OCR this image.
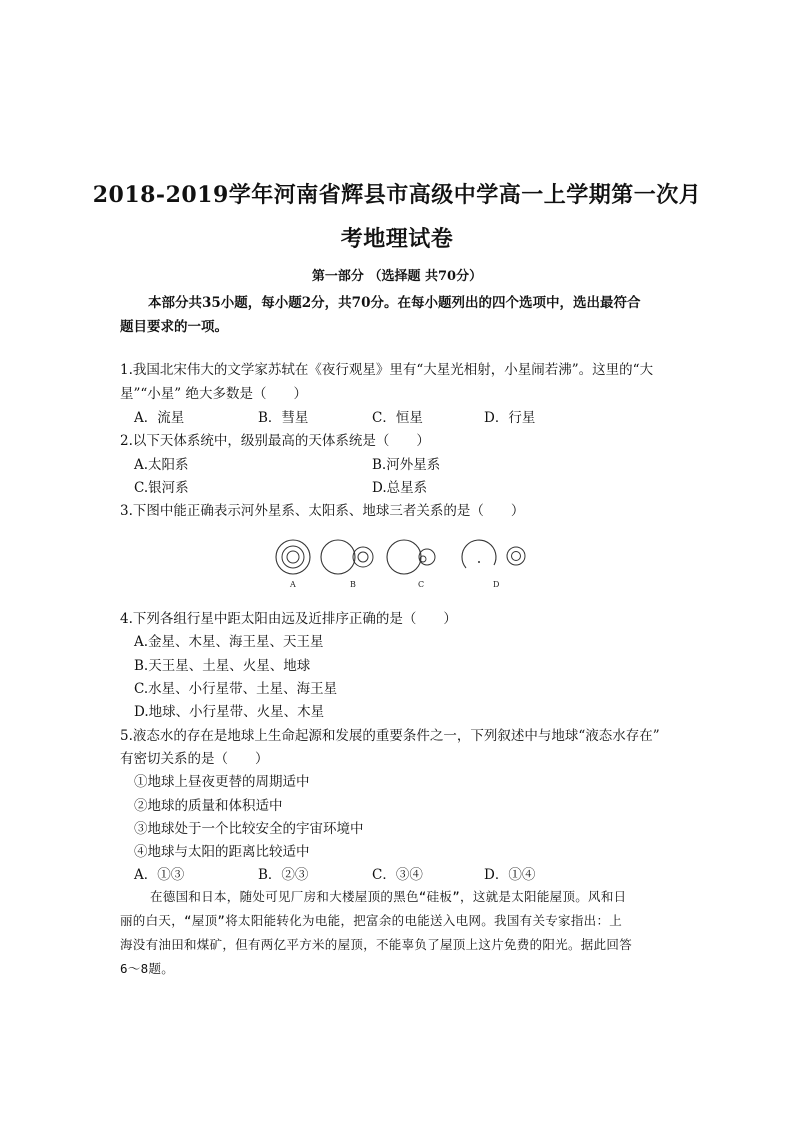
2018-2019学年河南省辉县市高级中学高一上学期第一次月
考地理试卷
第一部分 （选择题 共70分）
本部分共35小题，每小题2分，共70分。在每小题列出的四个选项中，选出最符合
题目要求的一项。
1.我国北宋伟大的文学家苏轼在《夜行观星》里有“大星光相射，小星闹若沸”。这里的“大
星”“小星” 绝大多数是（　　）
A．流星	B．彗星	C．恒星	D．行星
2.以下天体系统中，级别最高的天体系统是（　　）
A.太阳系	B.河外星系
C.银河系	D.总星系
3.下图中能正确表示河外星系、太阳系、地球三者关系的是（　　）
A	B	C	D
4.下列各组行星中距太阳由远及近排序正确的是（　　）
A.金星、木星、海王星、天王星
B.天王星、土星、火星、地球
C.水星、小行星带、土星、海王星
D.地球、小行星带、火星、木星
5.液态水的存在是地球上生命起源和发展的重要条件之一，下列叙述中与地球“液态水存在”
有密切关系的是（　　）
①地球上昼夜更替的周期适中
②地球的质量和体积适中
③地球处于一个比较安全的宇宙环境中
④地球与太阳的距离比较适中
A．①③	B．②③	C．③④	D．①④
在德国和日本，随处可见厂房和大楼屋顶的黑色“硅板”，这就是太阳能屋顶。风和日
丽的白天，“屋顶”将太阳能转化为电能，把富余的电能送入电网。我国有关专家指出：上
海没有油田和煤矿，但有两亿平方米的屋顶，不能辜负了屋顶上这片免费的阳光。据此回答
6～8题。
